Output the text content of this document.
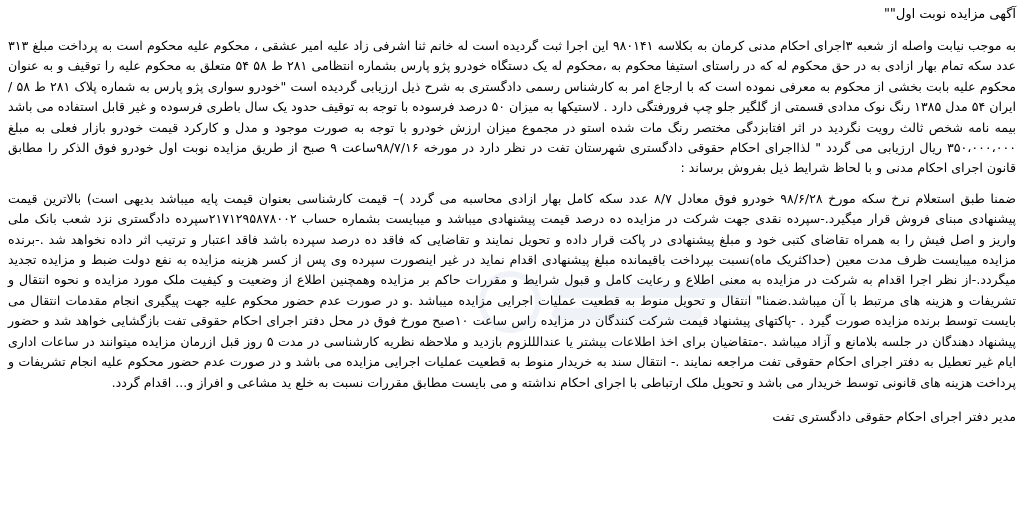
آگهی مزایده نوبت اول""

به موجب نیابت واصله از شعبه ۳اجرای احکام مدنی کرمان به بکلاسه ۹۸۰۱۴۱ این اجرا ثبت گردیده است له خانم ثنا اشرفی زاد علیه امیر عشقی ، محکوم علیه محکوم است به پرداخت مبلغ ۳۱۳ عدد سکه تمام بهار ازادی به در حق محکوم له که در راستای استیفا محکوم به ،محکوم له یک دستگاه خودرو پژو پارس بشماره انتظامی ۲۸۱ ط ۵۸ ۵۴ متعلق به محکوم علیه را توقیف و به عنوان محکوم علیه بابت بخشی از محکوم به معرفی نموده است که با ارجاع امر به کارشناس رسمی دادگستری به شرح ذیل ارزیابی گردیده است "خودرو سواری پژو پارس به شماره پلاک ۲۸۱ ط ۵۸ /ایران ۵۴ مدل ۱۳۸۵ رنگ نوک مدادی قسمتی از گلگیر جلو چپ فرورفتگی دارد . لاستیکها به میزان ۵۰ درصد فرسوده با توجه به توقیف حدود یک سال باطری فرسوده و غیر قابل استفاده می باشد بیمه نامه شخص ثالث رویت نگردید در اثر افتابزدگی مختصر رنگ مات شده استو در مجموع میزان ارزش خودرو با توجه به صورت موجود و مدل و کارکرد قیمت خودرو بازار فعلی به مبلغ ۳۵۰،۰۰۰،۰۰۰ ریال ارزیابی می گردد " لذااجرای احکام حقوقی دادگستری شهرستان تفت در نظر دارد در مورخه ۹۸/۷/۱۶ساعت ۹ صبح از طریق مزایده نوبت اول خودرو فوق الذکر را مطابق قانون اجرای احکام مدنی و با لحاظ شرایط ذیل بفروش برساند :

ضمنا طبق استعلام نرخ سکه مورخ ۹۸/۶/۲۸ خودرو فوق معادل ۸/۷ عدد سکه کامل بهار ازادی محاسبه می گردد )– قیمت کارشناسی بعنوان قیمت پایه میباشد بدیهی است) بالاترین قیمت پیشنهادی مبنای فروش قرار میگیرد.-سپرده نقدی جهت شرکت در مزایده ده درصد قیمت پیشنهادی میباشد و میبایست بشماره حساب ۲۱۷۱۲۹۵۸۷۸۰۰۲سپرده دادگستری نزد شعب بانک ملی واریز و اصل فیش را به همراه تقاضای کتبی خود و مبلغ پیشنهادی در پاکت قرار داده و تحویل نمایند و تقاضایی که فاقد ده درصد سپرده باشد فاقد اعتبار و ترتیب اثر داده نخواهد شد .-برنده مزایده میبایست ظرف مدت معین (حداکثریک ماه)نسبت بپرداخت باقیمانده مبلغ پیشنهادی اقدام نماید در غیر اینصورت سپرده وی پس از کسر هزینه مزایده به نفع دولت ضبط و مزایده تجدید میگردد.-از نظر اجرا اقدام به شرکت در مزایده به معنی اطلاع و رعایت کامل و قبول شرایط و مقررات حاکم بر مزایده وهمچنین اطلاع از وضعیت و کیفیت ملک مورد مزایده و نحوه انتقال و تشریفات و هزینه های مرتبط با آن میباشد.ضمنا" انتقال و تحویل منوط به قطعیت عملیات اجرایی مزایده میباشد .و در صورت عدم حضور محکوم علیه جهت پیگیری انجام مقدمات انتقال می بایست توسط برنده مزایده صورت گیرد . -پاکتهای پیشنهاد قیمت شرکت کنندگان در مزایده راس ساعت ۱۰صبح مورخ فوق در محل دفتر اجرای احکام حقوقی تفت بازگشایی خواهد شد و حضور پیشنهاد دهندگان در جلسه بلامانع و آزاد میباشد .-متقاضیان برای اخذ اطلاعات بیشتر یا عندالللزوم بازدید و ملاحظه نظریه کارشناسی در مدت ۵ روز قبل ازرمان مزایده میتوانند در ساعات اداری ایام غیر تعطیل به دفتر اجرای احکام حقوقی تفت مراجعه نمایند .- انتقال سند به خریدار منوط به قطعیت عملیات اجرایی مزایده می باشد و در صورت عدم حضور محکوم علیه انجام تشریفات و پرداخت هزینه های قانونی توسط خریدار می باشد و تحویل ملک ارتباطی با اجرای احکام نداشته و می بایست مطابق مقررات نسبت به خلع ید مشاعی و افراز و... اقدام گردد.

مدیر دفتر اجرای احکام حقوقی دادگستری تفت
